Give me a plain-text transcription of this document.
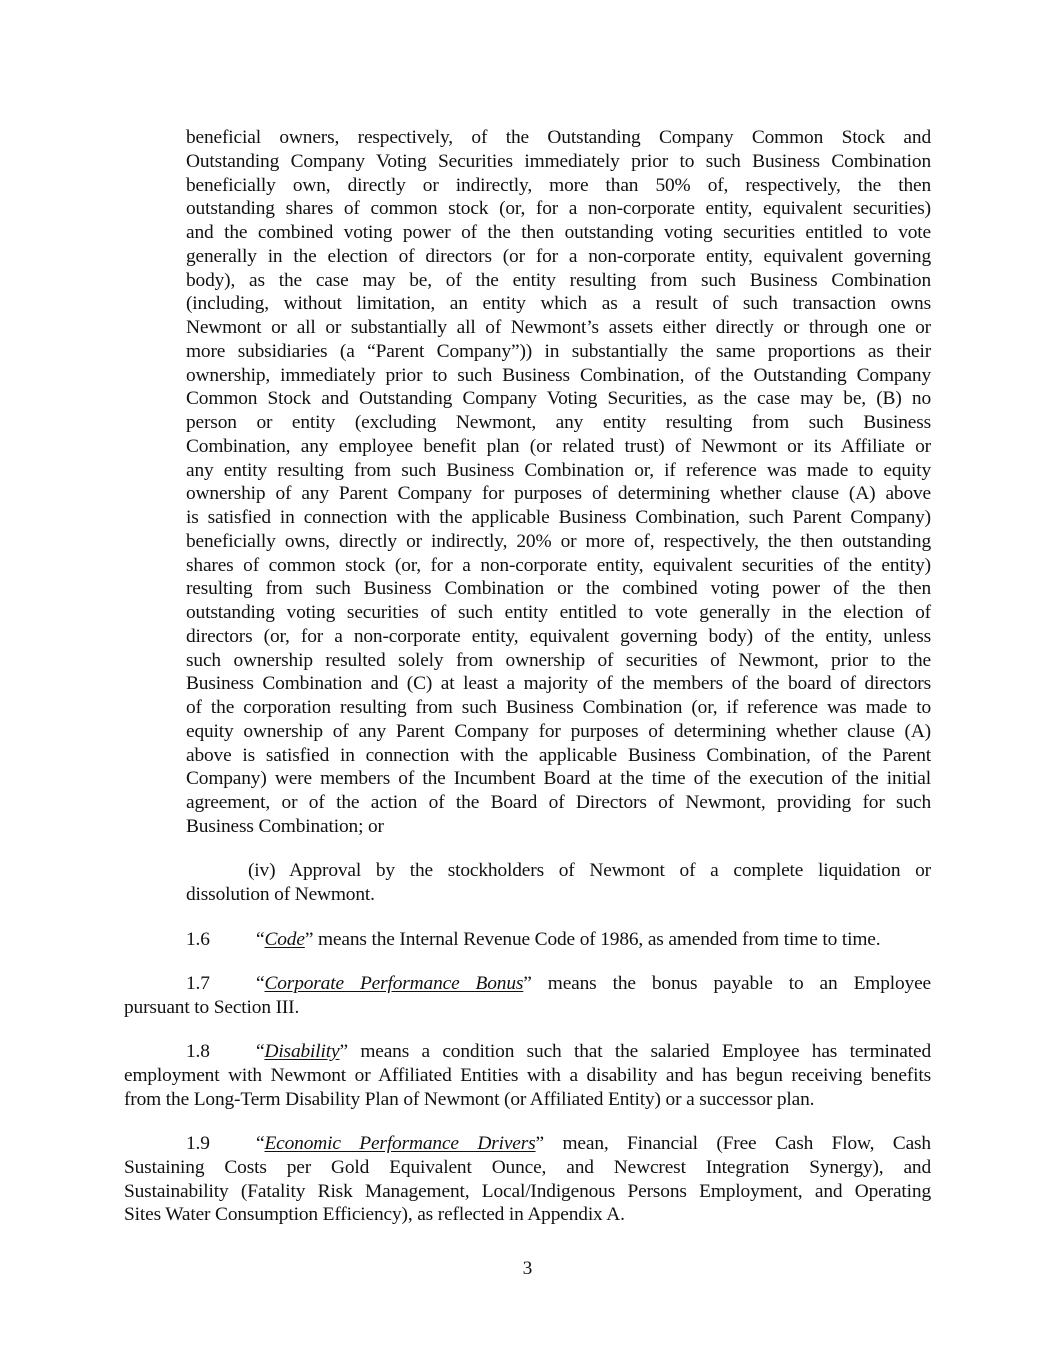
beneficial owners, respectively, of the Outstanding Company Common Stock and
Outstanding Company Voting Securities immediately prior to such Business Combination
beneficially own, directly or indirectly, more than 50% of, respectively, the then
outstanding shares of common stock (or, for a non-corporate entity, equivalent securities)
and the combined voting power of the then outstanding voting securities entitled to vote
generally in the election of directors (or for a non-corporate entity, equivalent governing
body), as the case may be, of the entity resulting from such Business Combination
(including, without limitation, an entity which as a result of such transaction owns
Newmont or all or substantially all of Newmont’s assets either directly or through one or
more subsidiaries (a “Parent Company”)) in substantially the same proportions as their
ownership, immediately prior to such Business Combination, of the Outstanding Company
Common Stock and Outstanding Company Voting Securities, as the case may be, (B) no
person or entity (excluding Newmont, any entity resulting from such Business
Combination, any employee benefit plan (or related trust) of Newmont or its Affiliate or
any entity resulting from such Business Combination or, if reference was made to equity
ownership of any Parent Company for purposes of determining whether clause (A) above
is satisfied in connection with the applicable Business Combination, such Parent Company)
beneficially owns, directly or indirectly, 20% or more of, respectively, the then outstanding
shares of common stock (or, for a non-corporate entity, equivalent securities of the entity)
resulting from such Business Combination or the combined voting power of the then
outstanding voting securities of such entity entitled to vote generally in the election of
directors (or, for a non-corporate entity, equivalent governing body) of the entity, unless
such ownership resulted solely from ownership of securities of Newmont, prior to the
Business Combination and (C) at least a majority of the members of the board of directors
of the corporation resulting from such Business Combination (or, if reference was made to
equity ownership of any Parent Company for purposes of determining whether clause (A)
above is satisfied in connection with the applicable Business Combination, of the Parent
Company) were members of the Incumbent Board at the time of the execution of the initial
agreement, or of the action of the Board of Directors of Newmont, providing for such
Business Combination; or
(iv) Approval by the stockholders of Newmont of a complete liquidation or
dissolution of Newmont.
1.6 “Code” means the Internal Revenue Code of 1986, as amended from time to time.
1.7 “Corporate Performance Bonus” means the bonus payable to an Employee
pursuant to Section III.
1.8 “Disability” means a condition such that the salaried Employee has terminated
employment with Newmont or Affiliated Entities with a disability and has begun receiving benefits
from the Long-Term Disability Plan of Newmont (or Affiliated Entity) or a successor plan.
1.9 “Economic Performance Drivers” mean, Financial (Free Cash Flow, Cash
Sustaining Costs per Gold Equivalent Ounce, and Newcrest Integration Synergy), and
Sustainability (Fatality Risk Management, Local/Indigenous Persons Employment, and Operating
Sites Water Consumption Efficiency), as reflected in Appendix A.
3
